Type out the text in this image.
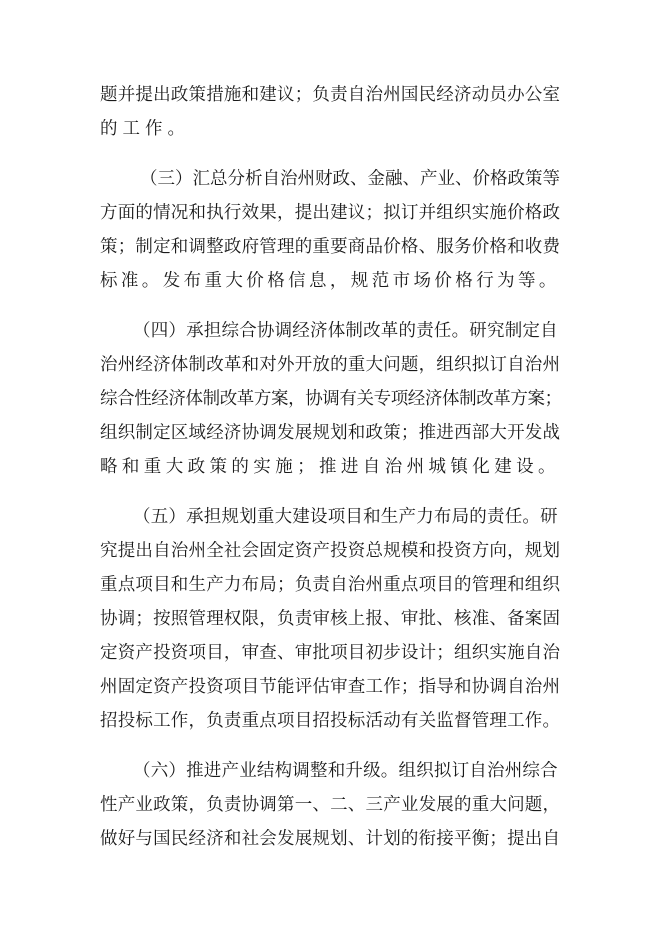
题并提出政策措施和建议；负责自治州国民经济动员办公室
的工作。
（三）汇总分析自治州财政、金融、产业、价格政策等
方面的情况和执行效果，提出建议；拟订并组织实施价格政
策；制定和调整政府管理的重要商品价格、服务价格和收费
标准。发布重大价格信息，规范市场价格行为等。
（四）承担综合协调经济体制改革的责任。研究制定自
治州经济体制改革和对外开放的重大问题，组织拟订自治州
综合性经济体制改革方案，协调有关专项经济体制改革方案；
组织制定区域经济协调发展规划和政策；推进西部大开发战
略和重大政策的实施；推进自治州城镇化建设。
（五）承担规划重大建设项目和生产力布局的责任。研
究提出自治州全社会固定资产投资总规模和投资方向，规划
重点项目和生产力布局；负责自治州重点项目的管理和组织
协调；按照管理权限，负责审核上报、审批、核准、备案固
定资产投资项目，审查、审批项目初步设计；组织实施自治
州固定资产投资项目节能评估审查工作；指导和协调自治州
招投标工作，负责重点项目招投标活动有关监督管理工作。
（六）推进产业结构调整和升级。组织拟订自治州综合
性产业政策，负责协调第一、二、三产业发展的重大问题，
做好与国民经济和社会发展规划、计划的衔接平衡；提出自
